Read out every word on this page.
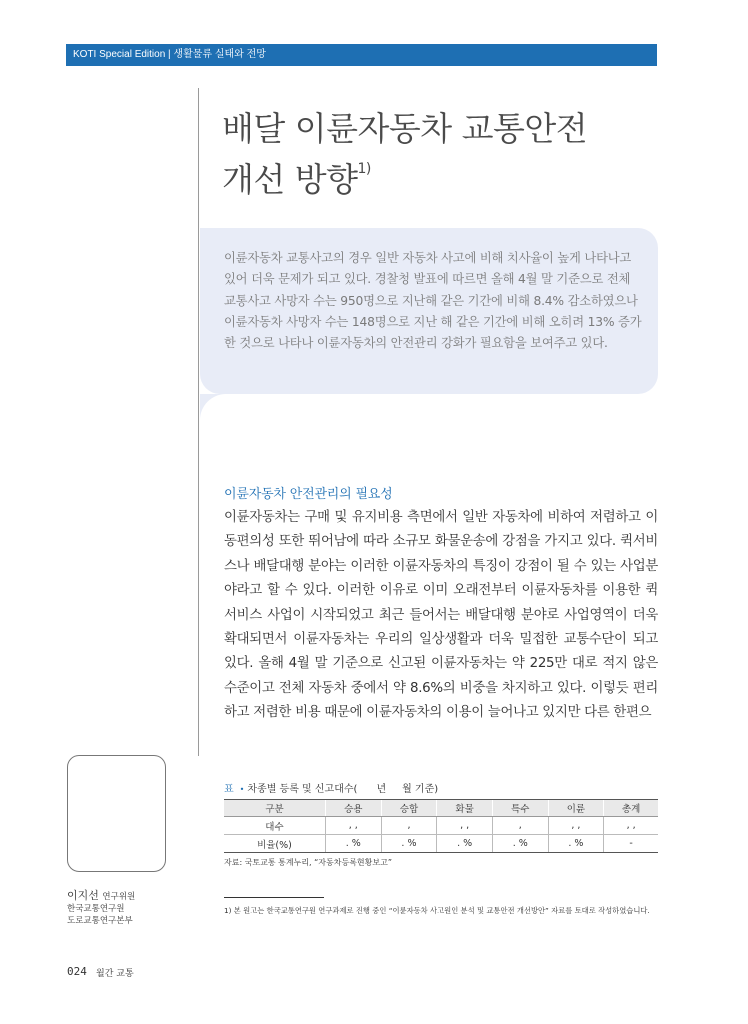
KOTI Special Edition | 생활물류 실태와 전망
배달 이륜자동차 교통안전
개선 방향$^{1)}$

이륜자동차 교통사고의 경우 일반 자동차 사고에 비해 치사율이 높게 나타나고 있어 더욱 문제가 되고 있다. 경찰청 발표에 따르면 올해 4월 말 기준으로 전체 교통사고 사망자 수는 950명으로 지난해 같은 기간에 비해 8.4% 감소하였으나 이륜자동차 사망자 수는 148명으로 지난 해 같은 기간에 비해 오히려 13% 증가한 것으로 나타나 이륜자동차의 안전관리 강화가 필요함을 보여주고 있다.

이륜자동차 안전관리의 필요성

이륜자동차는 구매 및 유지비용 측면에서 일반 자동차에 비하여 저렴하고 이동편의성 또한 뛰어남에 따라 소규모 화물운송에 강점을 가지고 있다. 퀵서비스나 배달대행 분야는 이러한 이륜자동차의 특징이 강점이 될 수 있는 사업분야라고 할 수 있다. 이러한 이유로 이미 오래전부터 이륜자동차를 이용한 퀵서비스 사업이 시작되었고 최근 들어서는 배달대행 분야로 사업영역이 더욱 확대되면서 이륜자동차는 우리의 일상생활과 더욱 밀접한 교통수단이 되고 있다. 올해 4월 말 기준으로 신고된 이륜자동차는 약 225만 대로 적지 않은 수준이고 전체 자동차 중에서 약 8.6%의 비중을 차지하고 있다. 이렇듯 편리하고 저렴한 비용 때문에 이륜자동차의 이용이 늘어나고 있지만 다른 한편으

이지선 연구위원
한국교통연구원
도로교통연구본부
표 • 차종별 등록 및 신고대수( 년 월 기준)
구분	승용	승합	화물	특수	이륜	총계
대수	, ,	,	, ,	,	, ,	, ,
비율(%)	. %	. %	. %	. %	. %	-
자료: 국토교통 통계누리, “자동차등록현황보고”

1) 본 원고는 한국교통연구원 연구과제로 진행 중인 “이륜자동차 사고원인 분석 및 교통안전 개선방안” 자료를 토대로 작성하였습니다.

024 월간 교통
